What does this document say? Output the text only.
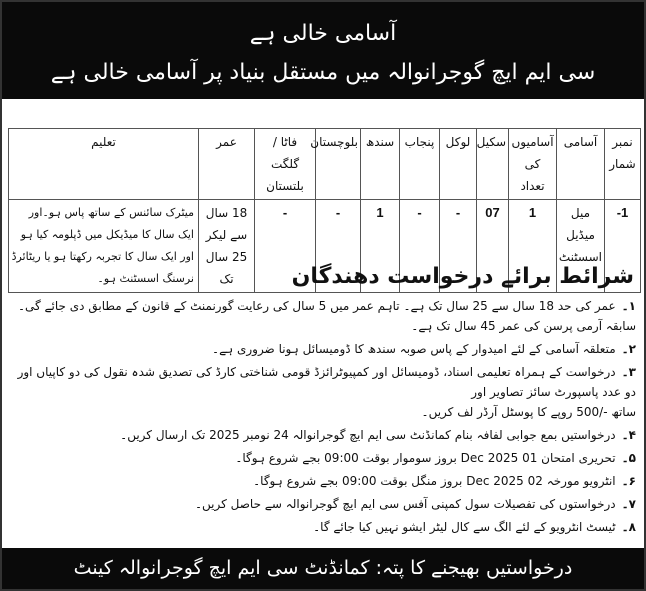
آسامی خالی ہے
سی ایم ایچ گوجرانوالہ میں مستقل بنیاد پر آسامی خالی ہے
نمبر شمار	آسامی	آسامیوں کی تعداد	سکیل	لوکل	پنجاب	سندھ	بلوچستان	فاٹا / گلگت بلتستان	عمر	تعلیم
1-	میل میڈیل اسسٹنٹ	1	07	-	-	1	-	-	18 سال سے لیکر 25 سال تک	میٹرک سائنس کے ساتھ پاس ہو۔اور ایک سال کا میڈیکل میں ڈپلومہ کیا ہو اور ایک سال کا تجربہ رکھتا ہو یا ریٹائرڈ نرسنگ اسسٹنٹ ہو۔	شرائط برائے درخواست دھندگان
۱۔عمر کی حد 18 سال سے 25 سال تک ہے۔ تاہم عمر میں 5 سال کی رعایت گورنمنٹ کے قانون کے مطابق دی جائے گی۔ سابقہ آرمی پرسن کی عمر 45 سال تک ہے۔
۲۔متعلقہ آسامی کے لئے امیدوار کے پاس صوبہ سندھ کا ڈومیسائل ہونا ضروری ہے۔
۳۔درخواست کے ہمراہ تعلیمی اسناد، ڈومیسائل اور کمپیوٹرائزڈ قومی شناختی کارڈ کی تصدیق شدہ نقول کی دو کاپیاں اور دو عدد پاسپورٹ سائز تصاویر اور
ساتھ -/500 روپے کا پوسٹل آرڈر لف کریں۔
۴۔درخواستیں بمع جوابی لفافہ بنام کمانڈنٹ سی ایم ایچ گوجرانوالہ 24 نومبر 2025 تک ارسال کریں۔
۵۔تحریری امتحان 01 Dec 2025 بروز سوموار بوقت 09:00 بجے شروع ہوگا۔
۶۔انٹرویو مورخہ 02 Dec 2025 بروز منگل بوقت 09:00 بجے شروع ہوگا۔
۷۔درخواستوں کی تفصیلات سول کمپنی آفس سی ایم ایچ گوجرانوالہ سے حاصل کریں۔
۸۔ٹیسٹ انٹرویو کے لئے الگ سے کال لیٹر ایشو نہیں کیا جائے گا۔
درخواستیں بھیجنے کا پتہ: کمانڈنٹ سی ایم ایچ گوجرانوالہ کینٹ
